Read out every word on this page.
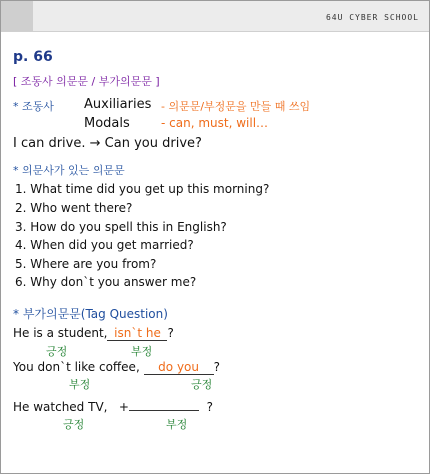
64U CYBER SCHOOL
p. 66
[ 조동사 의문문 / 부가의문문 ]
* 조동사 Auxiliaries - 의문문/부정문을 만들 때 쓰임
Modals	- can, must, will…
I can drive. → Can you drive?
* 의문사가 있는 의문문
1. What time did you get up this morning?
2. Who went there?
3. How do you spell this in English?
4. When did you get married?
5. Where are you from?
6. Why don`t you answer me?
* 부가의문문(Tag Question)
He is a student, isn`t he ?
긍정	부정
You don`t like coffee, do you ?
부정	긍정
He watched TV, +	?
긍정	부정
